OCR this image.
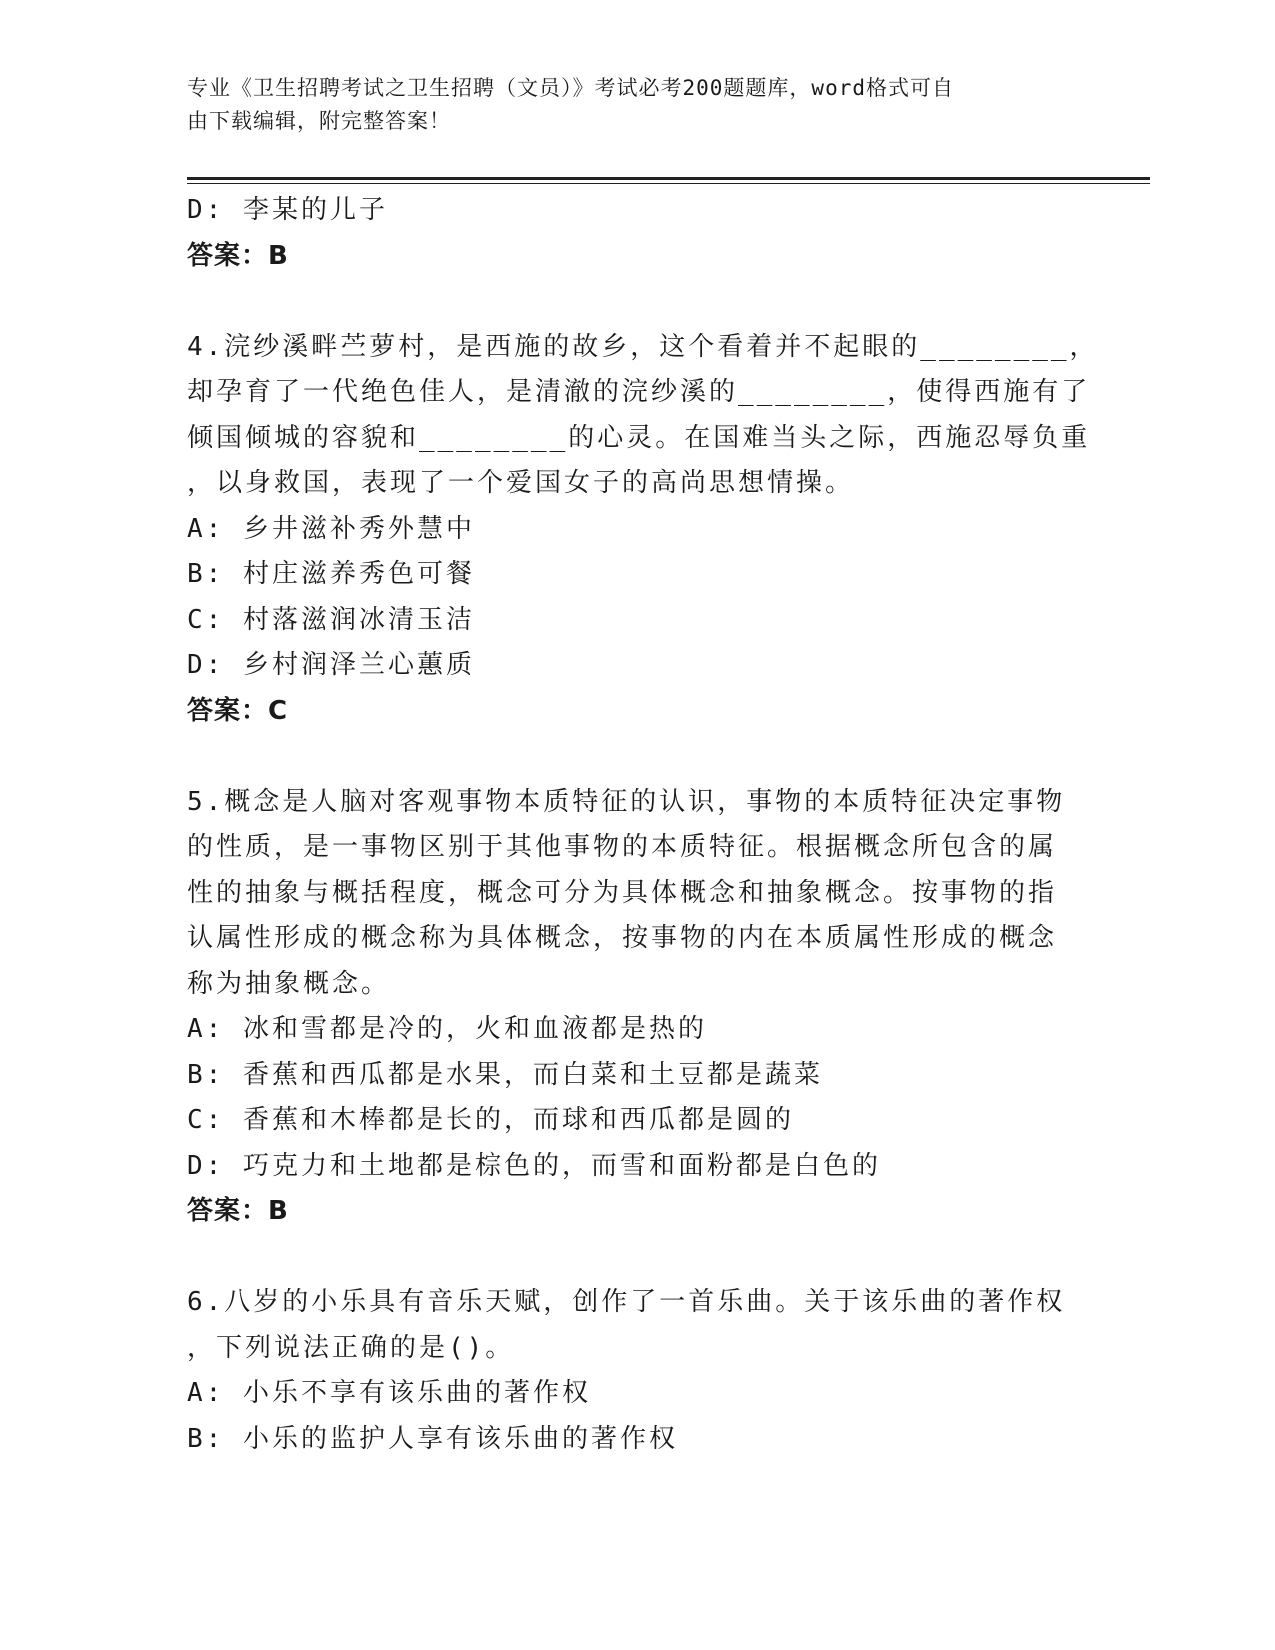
专业《卫生招聘考试之卫生招聘（文员）》考试必考200题题库，word格式可自
由下载编辑，附完整答案！
D: 李某的儿子
答案：B
4.浣纱溪畔苎萝村，是西施的故乡，这个看着并不起眼的________，
却孕育了一代绝色佳人，是清澈的浣纱溪的________，使得西施有了
倾国倾城的容貌和________的心灵。在国难当头之际，西施忍辱负重
，以身救国，表现了一个爱国女子的高尚思想情操。
A: 乡井滋补秀外慧中
B: 村庄滋养秀色可餐
C: 村落滋润冰清玉洁
D: 乡村润泽兰心蕙质
答案：C
5.概念是人脑对客观事物本质特征的认识，事物的本质特征决定事物
的性质，是一事物区别于其他事物的本质特征。根据概念所包含的属
性的抽象与概括程度，概念可分为具体概念和抽象概念。按事物的指
认属性形成的概念称为具体概念，按事物的内在本质属性形成的概念
称为抽象概念。
A: 冰和雪都是冷的，火和血液都是热的
B: 香蕉和西瓜都是水果，而白菜和土豆都是蔬菜
C: 香蕉和木棒都是长的，而球和西瓜都是圆的
D: 巧克力和土地都是棕色的，而雪和面粉都是白色的
答案：B
6.八岁的小乐具有音乐天赋，创作了一首乐曲。关于该乐曲的著作权
，下列说法正确的是()。
A: 小乐不享有该乐曲的著作权
B: 小乐的监护人享有该乐曲的著作权
